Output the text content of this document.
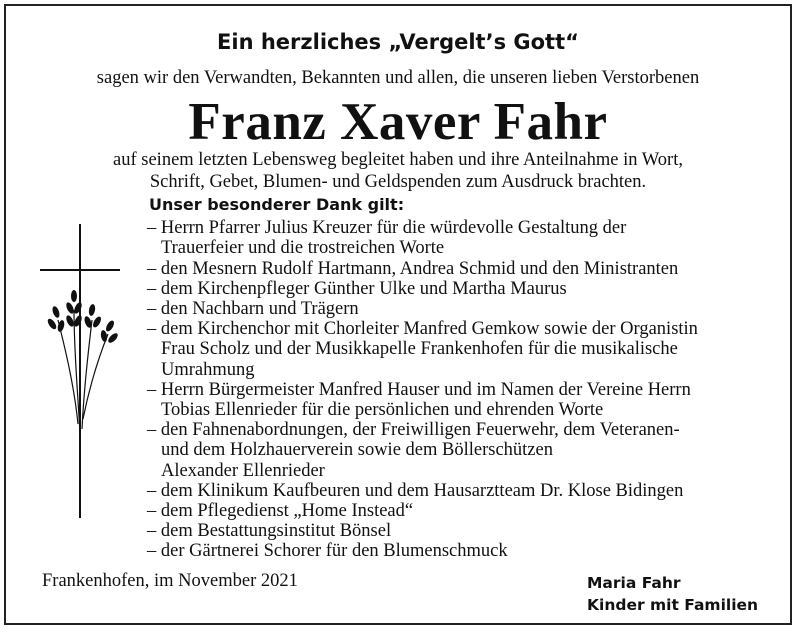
Ein herzliches „Vergelt’s Gott“
sagen wir den Verwandten, Bekannten und allen, die unseren lieben Verstorbenen
Franz Xaver Fahr
auf seinem letzten Lebensweg begleitet haben und ihre Anteilnahme in Wort,
Schrift, Gebet, Blumen- und Geldspenden zum Ausdruck brachten.
Unser besonderer Dank gilt:
– Herrn Pfarrer Julius Kreuzer für die würdevolle Gestaltung der
Trauerfeier und die trostreichen Worte
– den Mesnern Rudolf Hartmann, Andrea Schmid und den Ministranten
– dem Kirchenpfleger Günther Ulke und Martha Maurus
– den Nachbarn und Trägern
– dem Kirchenchor mit Chorleiter Manfred Gemkow sowie der Organistin
Frau Scholz und der Musikkapelle Frankenhofen für die musikalische
Umrahmung
– Herrn Bürgermeister Manfred Hauser und im Namen der Vereine Herrn
Tobias Ellenrieder für die persönlichen und ehrenden Worte
– den Fahnenabordnungen, der Freiwilligen Feuerwehr, dem Veteranen-
und dem Holzhauerverein sowie dem Böllerschützen
Alexander Ellenrieder
– dem Klinikum Kaufbeuren und dem Hausarztteam Dr. Klose Bidingen
– dem Pflegedienst „Home Instead“
– dem Bestattungsinstitut Bönsel
– der Gärtnerei Schorer für den Blumenschmuck
Frankenhofen, im November 2021	Maria Fahr
Kinder mit Familien
